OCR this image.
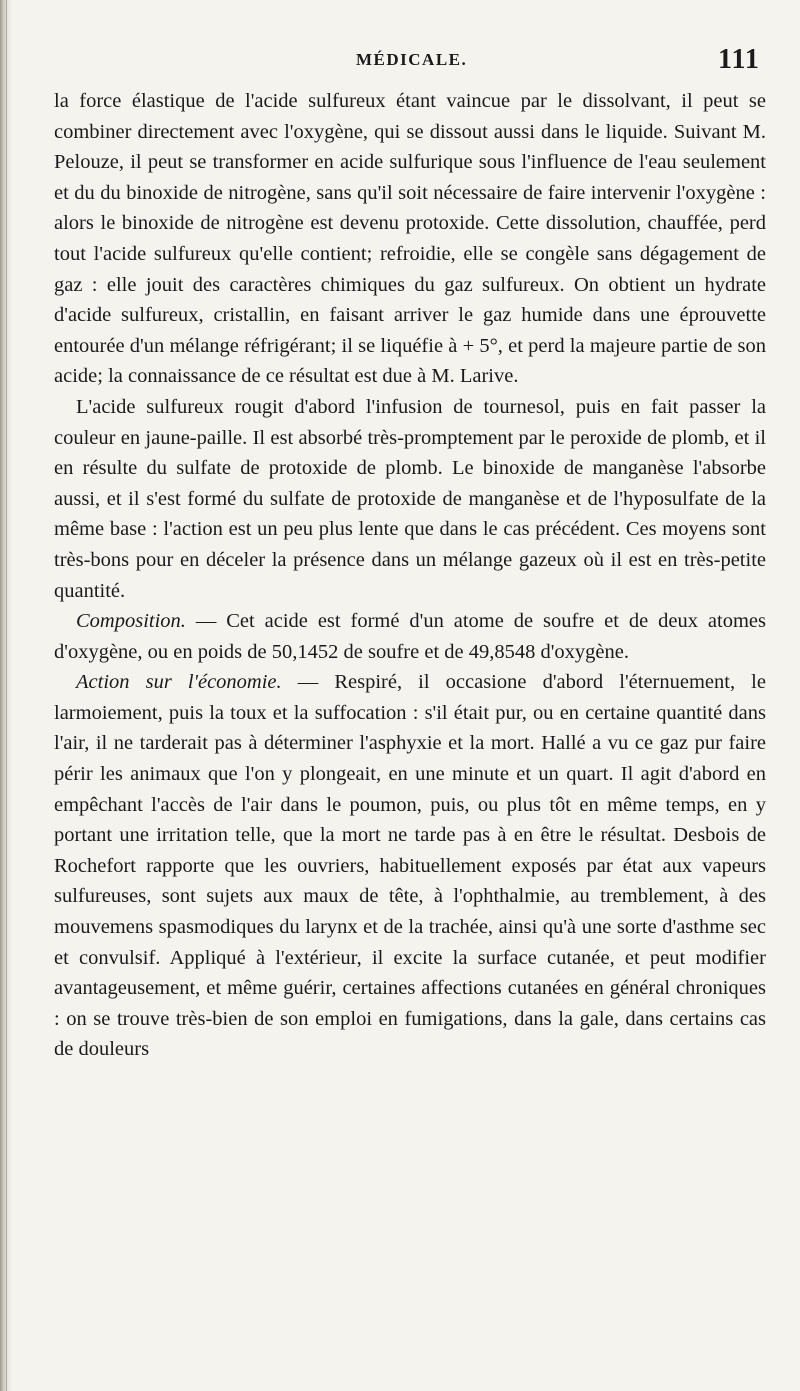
MÉDICALE.	111

la force élastique de l'acide sulfureux étant vaincue par le dissolvant, il peut se combiner directement avec l'oxygène, qui se dissout aussi dans le liquide. Suivant M. Pelouze, il peut se transformer en acide sulfurique sous l'influence de l'eau seulement et du du binoxide de nitrogène, sans qu'il soit nécessaire de faire intervenir l'oxygène : alors le binoxide de nitrogène est devenu protoxide. Cette dissolution, chauffée, perd tout l'acide sulfureux qu'elle contient; refroidie, elle se congèle sans dégagement de gaz : elle jouit des caractères chimiques du gaz sulfureux. On obtient un hydrate d'acide sulfureux, cristallin, en faisant arriver le gaz humide dans une éprouvette entourée d'un mélange réfrigérant; il se liquéfie à + 5°, et perd la majeure partie de son acide; la connaissance de ce résultat est due à M. Larive.

L'acide sulfureux rougit d'abord l'infusion de tournesol, puis en fait passer la couleur en jaune-paille. Il est absorbé très-promptement par le peroxide de plomb, et il en résulte du sulfate de protoxide de plomb. Le binoxide de manganèse l'absorbe aussi, et il s'est formé du sulfate de protoxide de manganèse et de l'hyposulfate de la même base : l'action est un peu plus lente que dans le cas précédent. Ces moyens sont très-bons pour en déceler la présence dans un mélange gazeux où il est en très-petite quantité.

Composition. — Cet acide est formé d'un atome de soufre et de deux atomes d'oxygène, ou en poids de 50,1452 de soufre et de 49,8548 d'oxygène.

Action sur l'économie. — Respiré, il occasione d'abord l'éternuement, le larmoiement, puis la toux et la suffocation : s'il était pur, ou en certaine quantité dans l'air, il ne tarderait pas à déterminer l'asphyxie et la mort. Hallé a vu ce gaz pur faire périr les animaux que l'on y plongeait, en une minute et un quart. Il agit d'abord en empêchant l'accès de l'air dans le poumon, puis, ou plus tôt en même temps, en y portant une irritation telle, que la mort ne tarde pas à en être le résultat. Desbois de Rochefort rapporte que les ouvriers, habituellement exposés par état aux vapeurs sulfureuses, sont sujets aux maux de tête, à l'ophthalmie, au tremblement, à des mouvemens spasmodiques du larynx et de la trachée, ainsi qu'à une sorte d'asthme sec et convulsif. Appliqué à l'extérieur, il excite la surface cutanée, et peut modifier avantageusement, et même guérir, certaines affections cutanées en général chroniques : on se trouve très-bien de son emploi en fumigations, dans la gale, dans certains cas de douleurs
